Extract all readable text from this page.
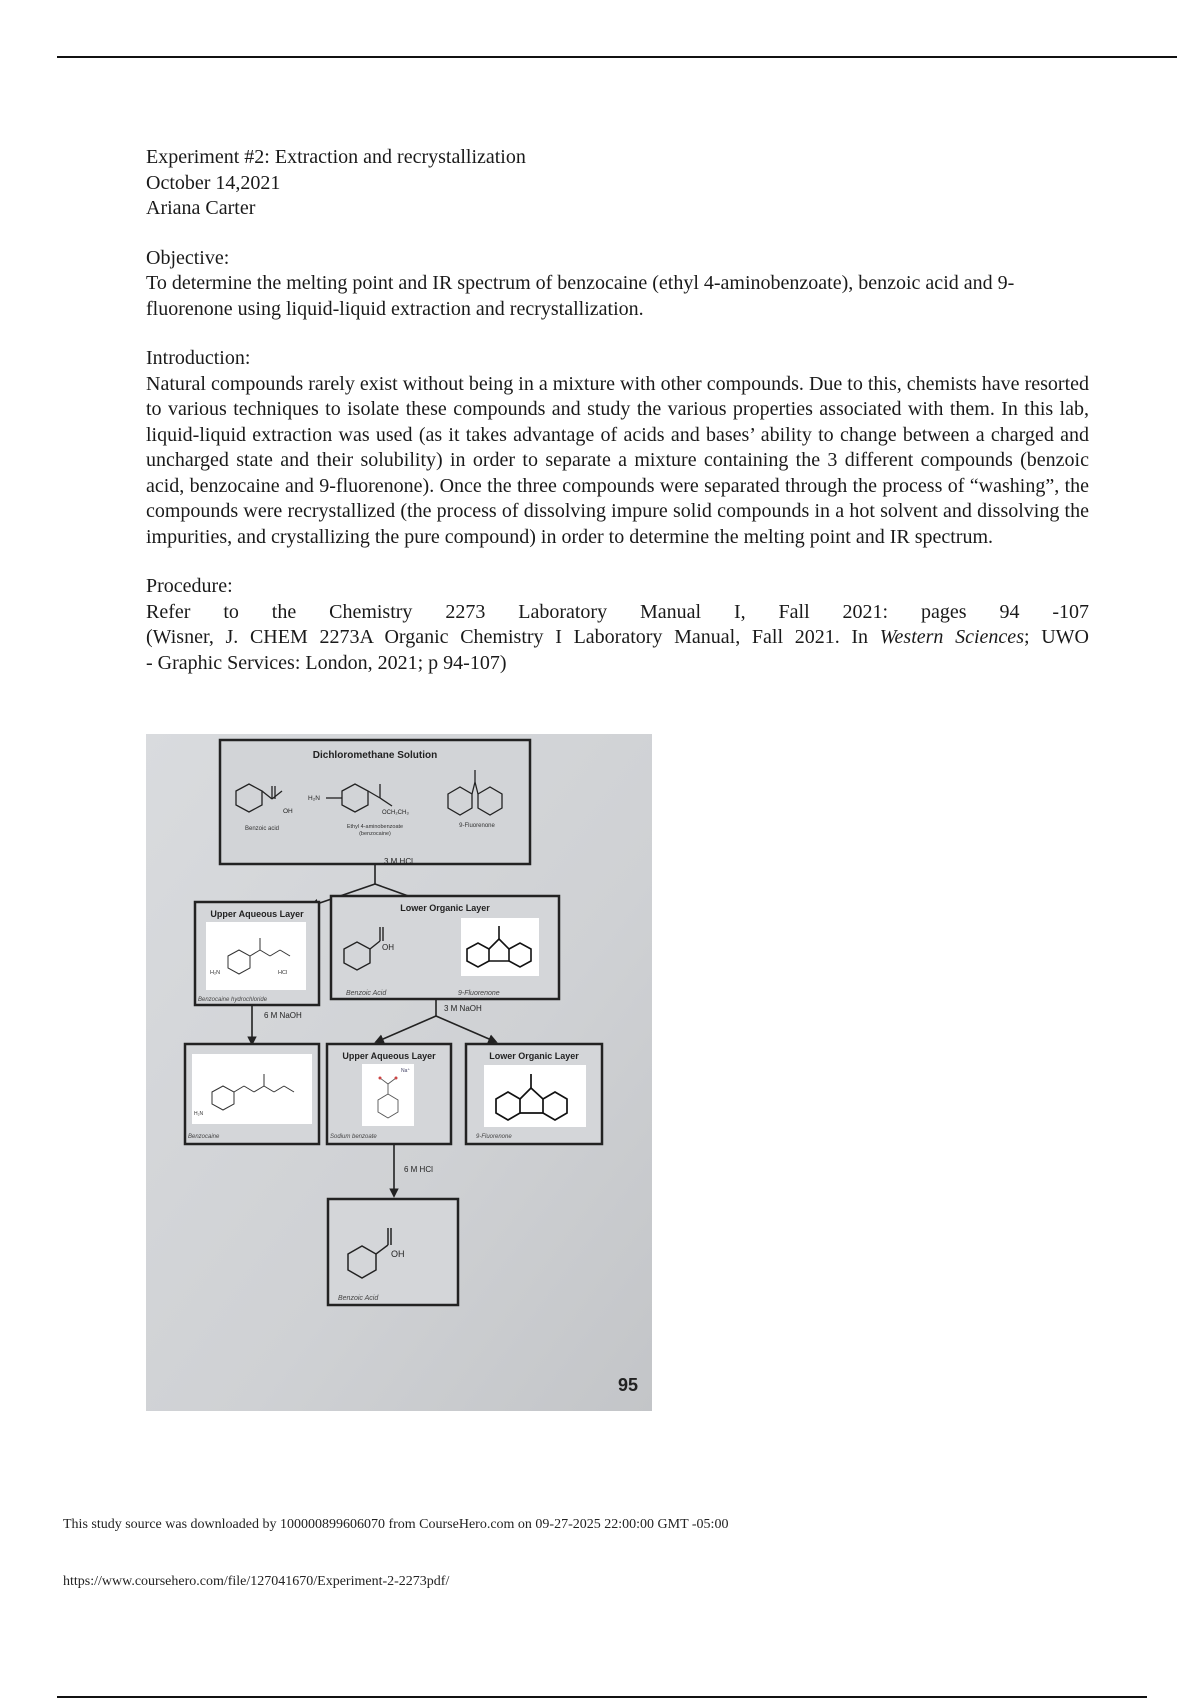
Experiment #2: Extraction and recrystallization

October 14,2021

Ariana Carter

Objective:

To determine the melting point and IR spectrum of benzocaine (ethyl 4-aminobenzoate), benzoic acid and 9-fluorenone using liquid-liquid extraction and recrystallization.

Introduction:

Natural compounds rarely exist without being in a mixture with other compounds. Due to this, chemists have resorted to various techniques to isolate these compounds and study the various properties associated with them. In this lab, liquid-liquid extraction was used (as it takes advantage of acids and bases’ ability to change between a charged and uncharged state and their solubility) in order to separate a mixture containing the 3 different compounds (benzoic acid, benzocaine and 9-fluorenone). Once the three compounds were separated through the process of “washing”, the compounds were recrystallized (the process of dissolving impure solid compounds in a hot solvent and dissolving the impurities, and crystallizing the pure compound) in order to determine the melting point and IR spectrum.

Procedure:

Refer to the Chemistry 2273 Laboratory Manual I, Fall 2021: pages 94 -107

(Wisner, J. CHEM 2273A Organic Chemistry I Laboratory Manual, Fall 2021. In Western Sciences; UWO

- Graphic Services: London, 2021; p 94-107)

Dichloromethane Solution
OH
Benzoic acid
H₂N
OCH₂CH₃
Ethyl 4-aminobenzoate
(benzocaine)
9-Fluorenone
3 M HCl
Upper Aqueous Layer
H₂N	HCl
Benzocaine hydrochloride
Lower Organic Layer
OH
Benzoic Acid	9-Fluorenone
6 M NaOH
3 M NaOH
H₂N
Benzocaine
Upper Aqueous Layer
Na⁺
Sodium benzoate
Lower Organic Layer
9-Fluorenone
6 M HCl
OH
Benzoic Acid
95
This study source was downloaded by 100000899606070 from CourseHero.com on 09-27-2025 22:00:00 GMT -05:00
https://www.coursehero.com/file/127041670/Experiment-2-2273pdf/
